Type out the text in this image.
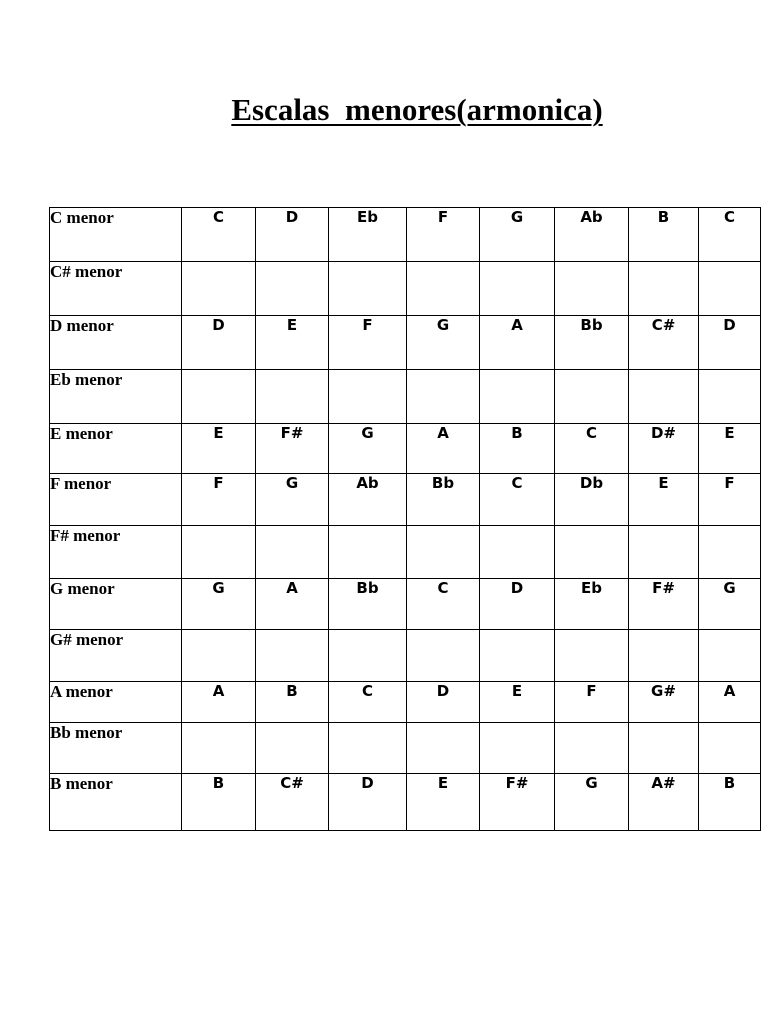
Escalas  menores(armonica)
C menor	C	D	Eb	F	G	Ab	B	C
C# menor								
D menor	D	E	F	G	A	Bb	C#	D
Eb menor								
E menor	E	F#	G	A	B	C	D#	E
F menor	F	G	Ab	Bb	C	Db	E	F
F# menor								
G menor	G	A	Bb	C	D	Eb	F#	G
G# menor								
A menor	A	B	C	D	E	F	G#	A
Bb menor								
B menor	B	C#	D	E	F#	G	A#	B
